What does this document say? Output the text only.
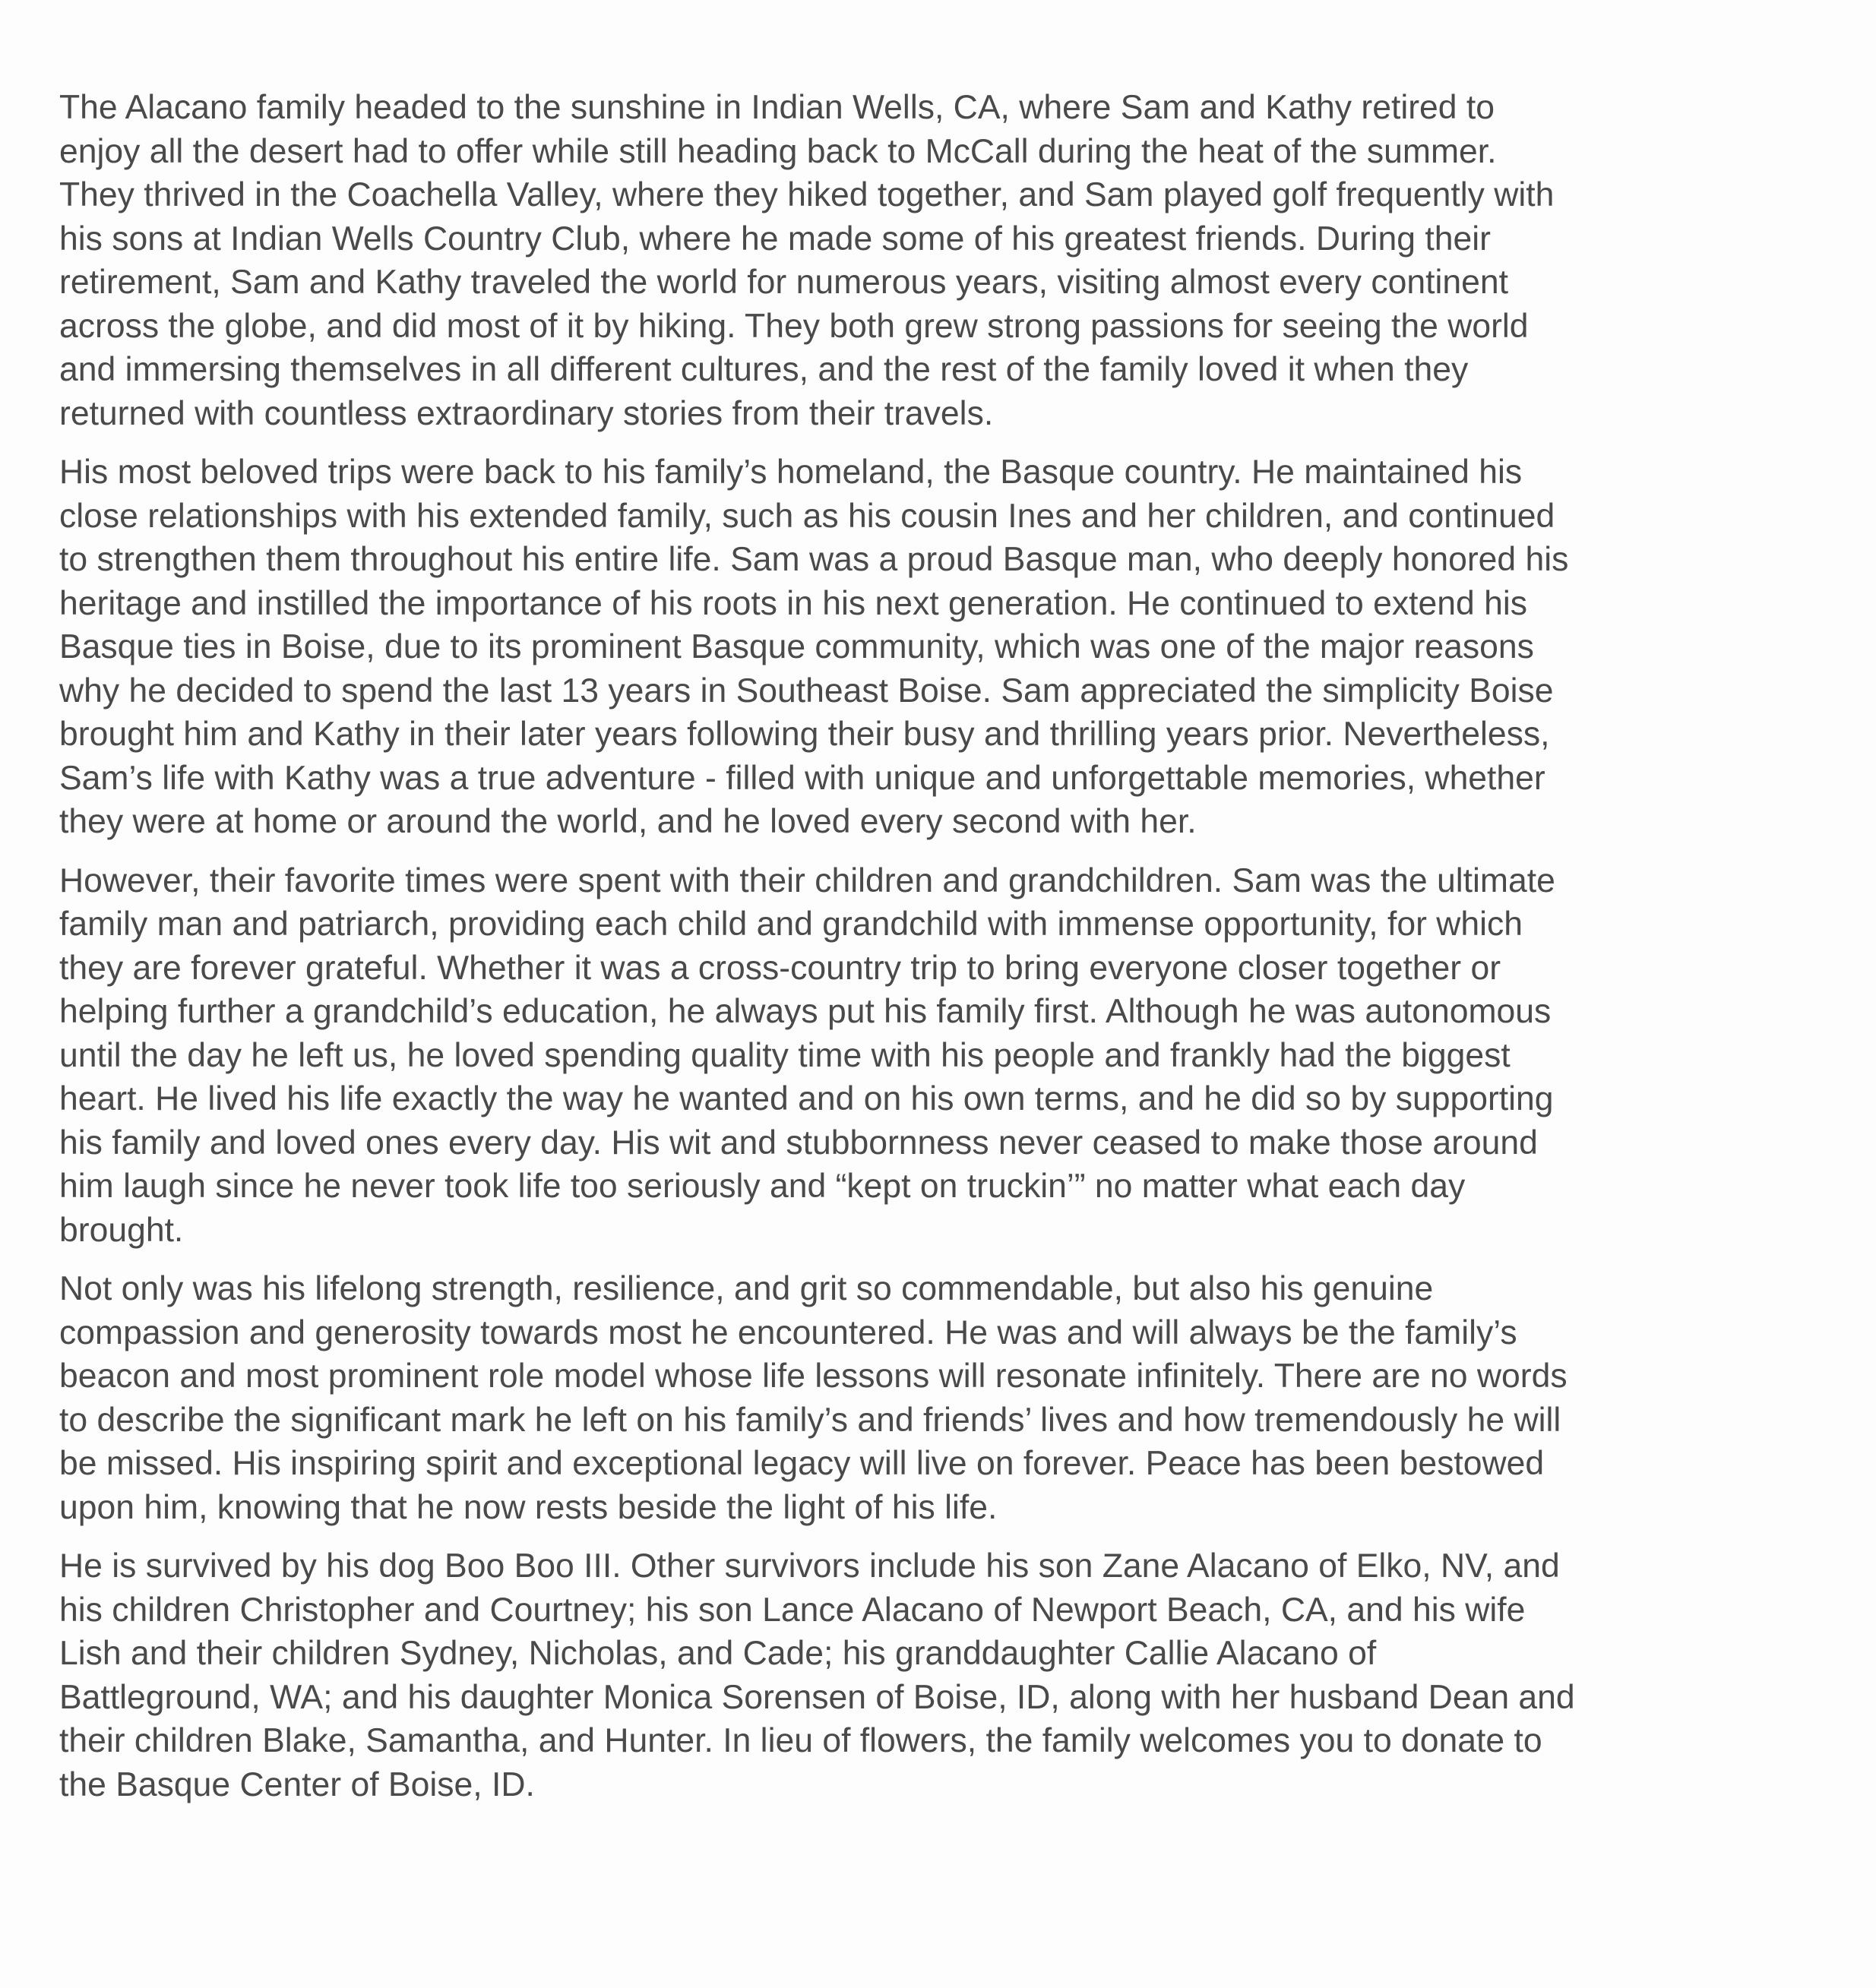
The Alacano family headed to the sunshine in Indian Wells, CA, where Sam and Kathy retired to
enjoy all the desert had to offer while still heading back to McCall during the heat of the summer.
They thrived in the Coachella Valley, where they hiked together, and Sam played golf frequently with
his sons at Indian Wells Country Club, where he made some of his greatest friends. During their
retirement, Sam and Kathy traveled the world for numerous years, visiting almost every continent
across the globe, and did most of it by hiking. They both grew strong passions for seeing the world
and immersing themselves in all different cultures, and the rest of the family loved it when they
returned with countless extraordinary stories from their travels.
His most beloved trips were back to his family’s homeland, the Basque country. He maintained his
close relationships with his extended family, such as his cousin Ines and her children, and continued
to strengthen them throughout his entire life. Sam was a proud Basque man, who deeply honored his
heritage and instilled the importance of his roots in his next generation. He continued to extend his
Basque ties in Boise, due to its prominent Basque community, which was one of the major reasons
why he decided to spend the last 13 years in Southeast Boise. Sam appreciated the simplicity Boise
brought him and Kathy in their later years following their busy and thrilling years prior. Nevertheless,
Sam’s life with Kathy was a true adventure - filled with unique and unforgettable memories, whether
they were at home or around the world, and he loved every second with her.
However, their favorite times were spent with their children and grandchildren. Sam was the ultimate
family man and patriarch, providing each child and grandchild with immense opportunity, for which
they are forever grateful. Whether it was a cross-country trip to bring everyone closer together or
helping further a grandchild’s education, he always put his family first. Although he was autonomous
until the day he left us, he loved spending quality time with his people and frankly had the biggest
heart. He lived his life exactly the way he wanted and on his own terms, and he did so by supporting
his family and loved ones every day. His wit and stubbornness never ceased to make those around
him laugh since he never took life too seriously and “kept on truckin’” no matter what each day
brought.
Not only was his lifelong strength, resilience, and grit so commendable, but also his genuine
compassion and generosity towards most he encountered. He was and will always be the family’s
beacon and most prominent role model whose life lessons will resonate infinitely. There are no words
to describe the significant mark he left on his family’s and friends’ lives and how tremendously he will
be missed. His inspiring spirit and exceptional legacy will live on forever. Peace has been bestowed
upon him, knowing that he now rests beside the light of his life.
He is survived by his dog Boo Boo III. Other survivors include his son Zane Alacano of Elko, NV, and
his children Christopher and Courtney; his son Lance Alacano of Newport Beach, CA, and his wife
Lish and their children Sydney, Nicholas, and Cade; his granddaughter Callie Alacano of
Battleground, WA; and his daughter Monica Sorensen of Boise, ID, along with her husband Dean and
their children Blake, Samantha, and Hunter. In lieu of flowers, the family welcomes you to donate to
the Basque Center of Boise, ID.
